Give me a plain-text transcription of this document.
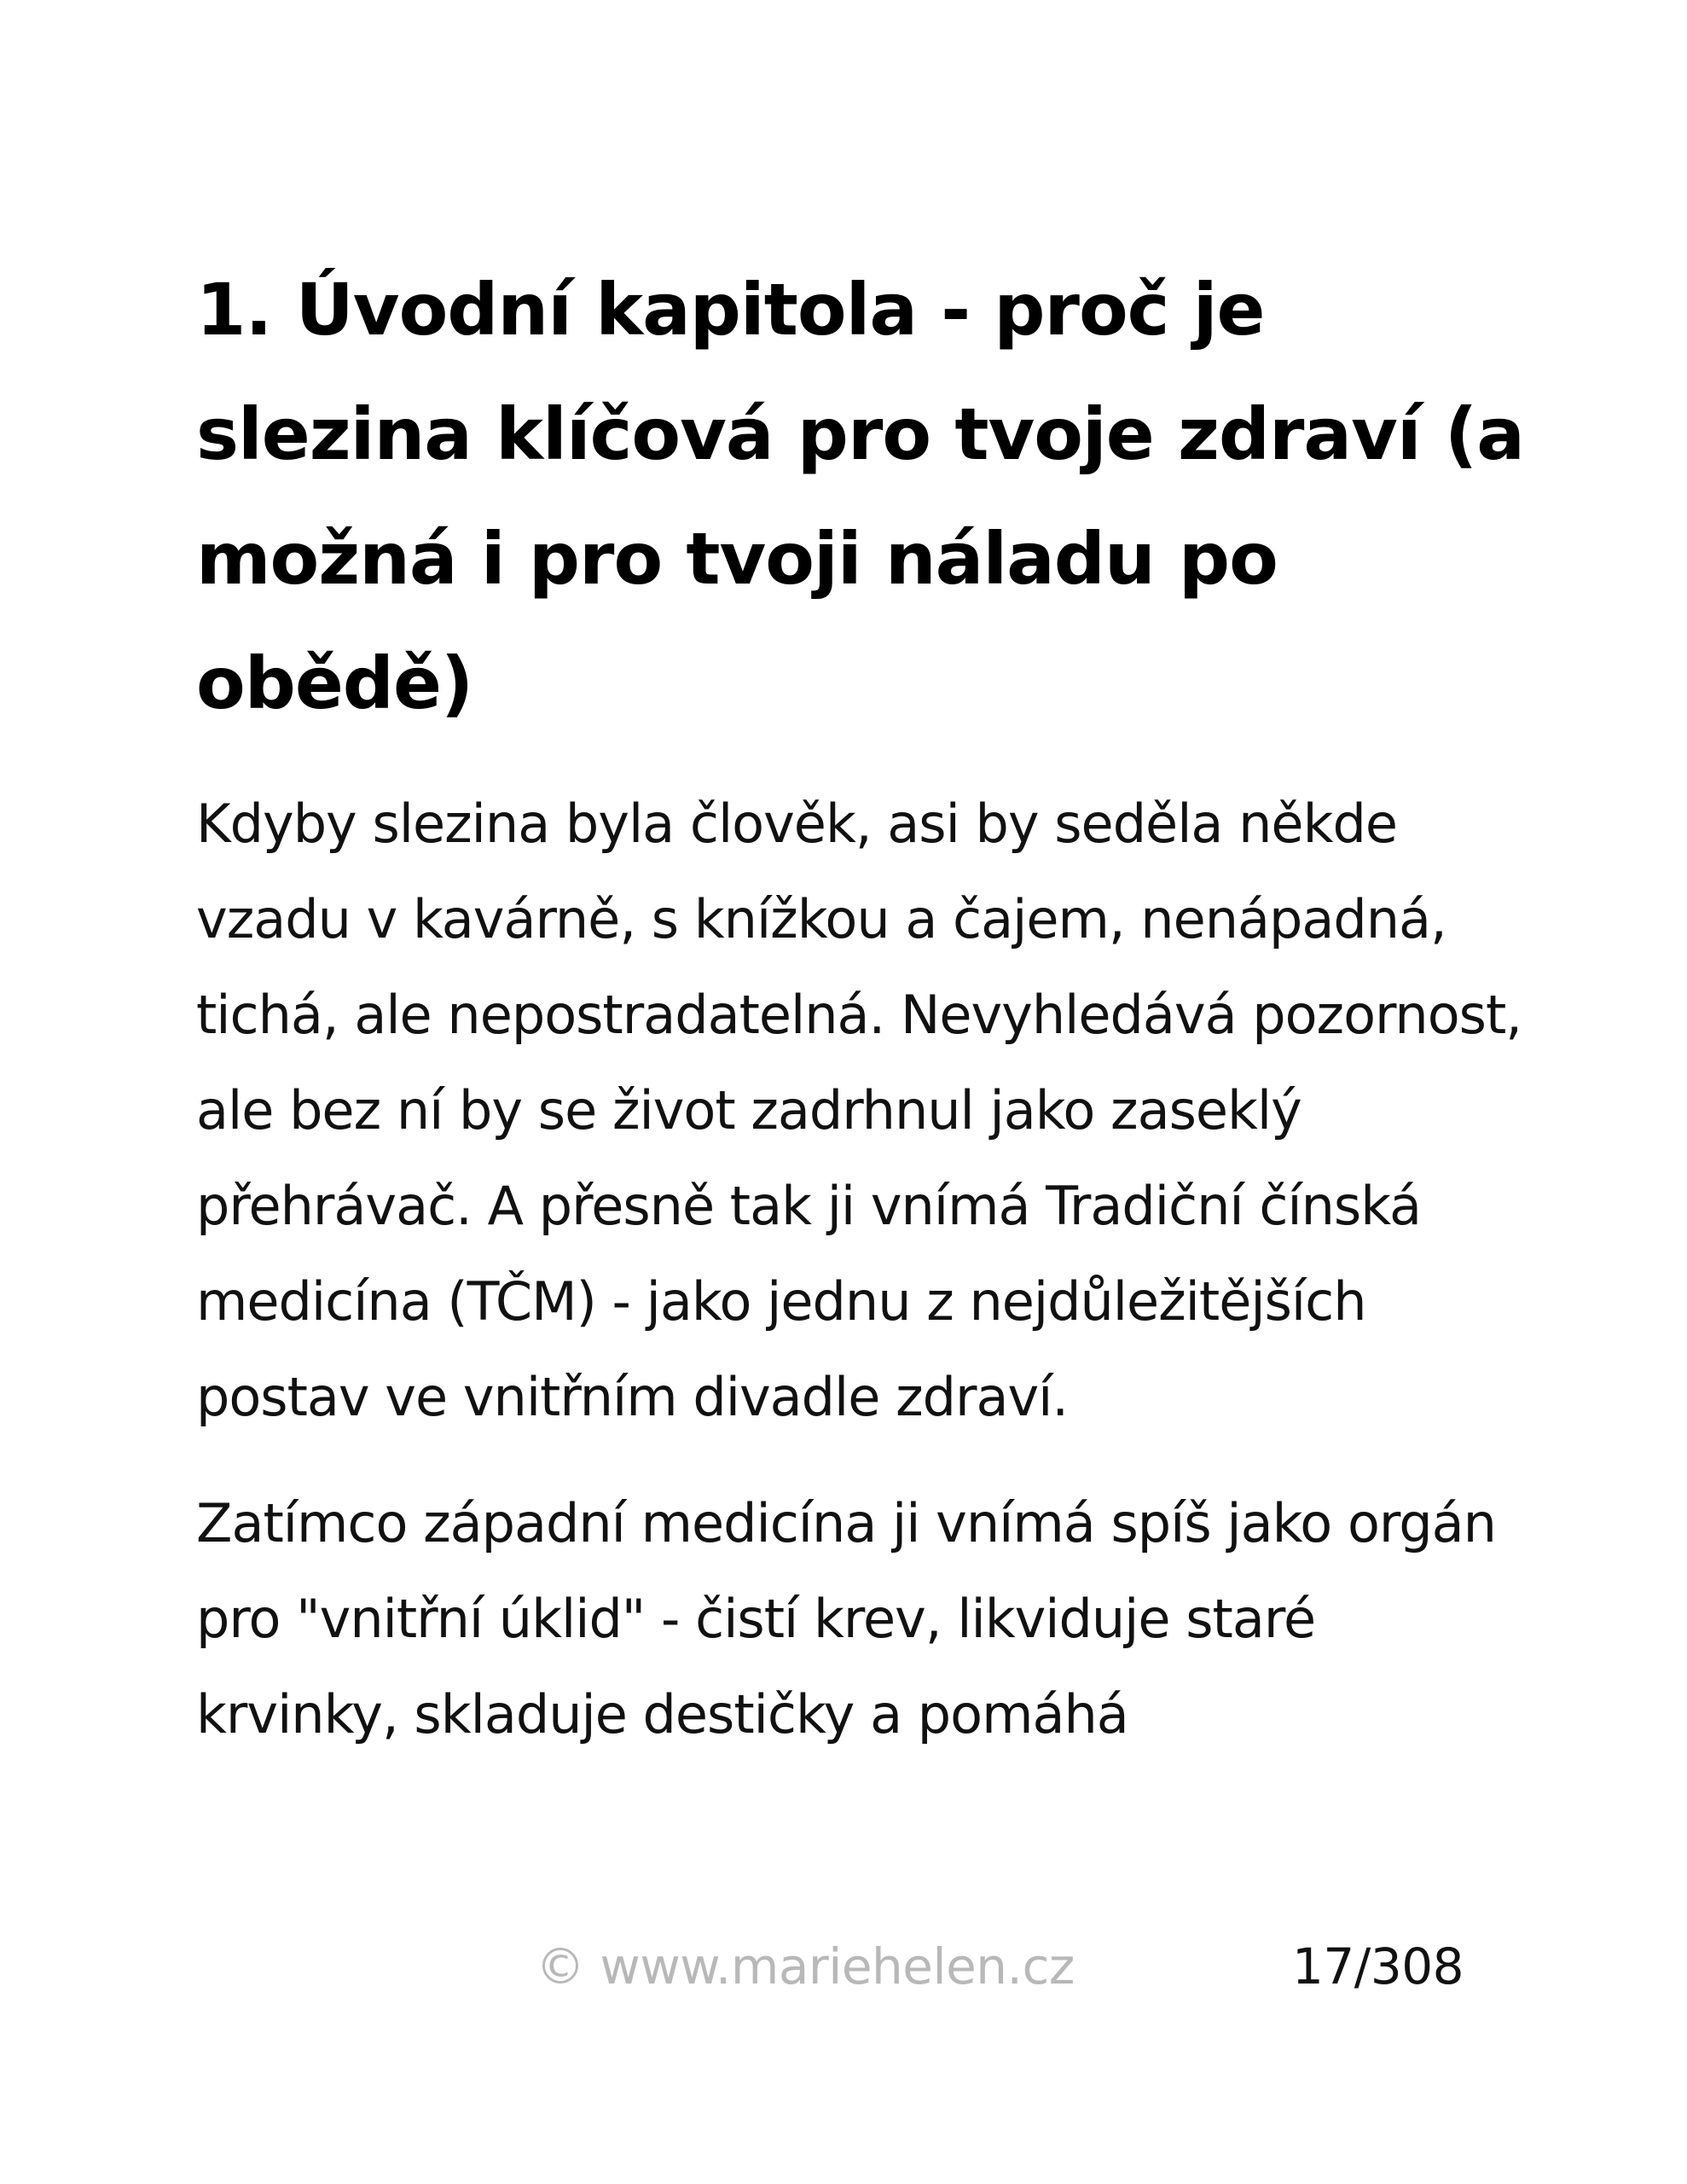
1. Úvodní kapitola - proč je slezina klíčová pro tvoje zdraví (a možná i pro tvoji náladu po obědě)

Kdyby slezina byla člověk, asi by seděla někde vzadu v kavárně, s knížkou a čajem, nenápadná, tichá, ale nepostradatelná. Nevyhledává pozornost, ale bez ní by se život zadrhnul jako zaseklý přehrávač. A přesně tak ji vnímá Tradiční čínská medicína (TČM) - jako jednu z nejdůležitějších postav ve vnitřním divadle zdraví.

Zatímco západní medicína ji vnímá spíš jako orgán pro "vnitřní úklid" - čistí krev, likviduje staré krvinky, skladuje destičky a pomáhá

© www.mariehelen.cz	17/308
